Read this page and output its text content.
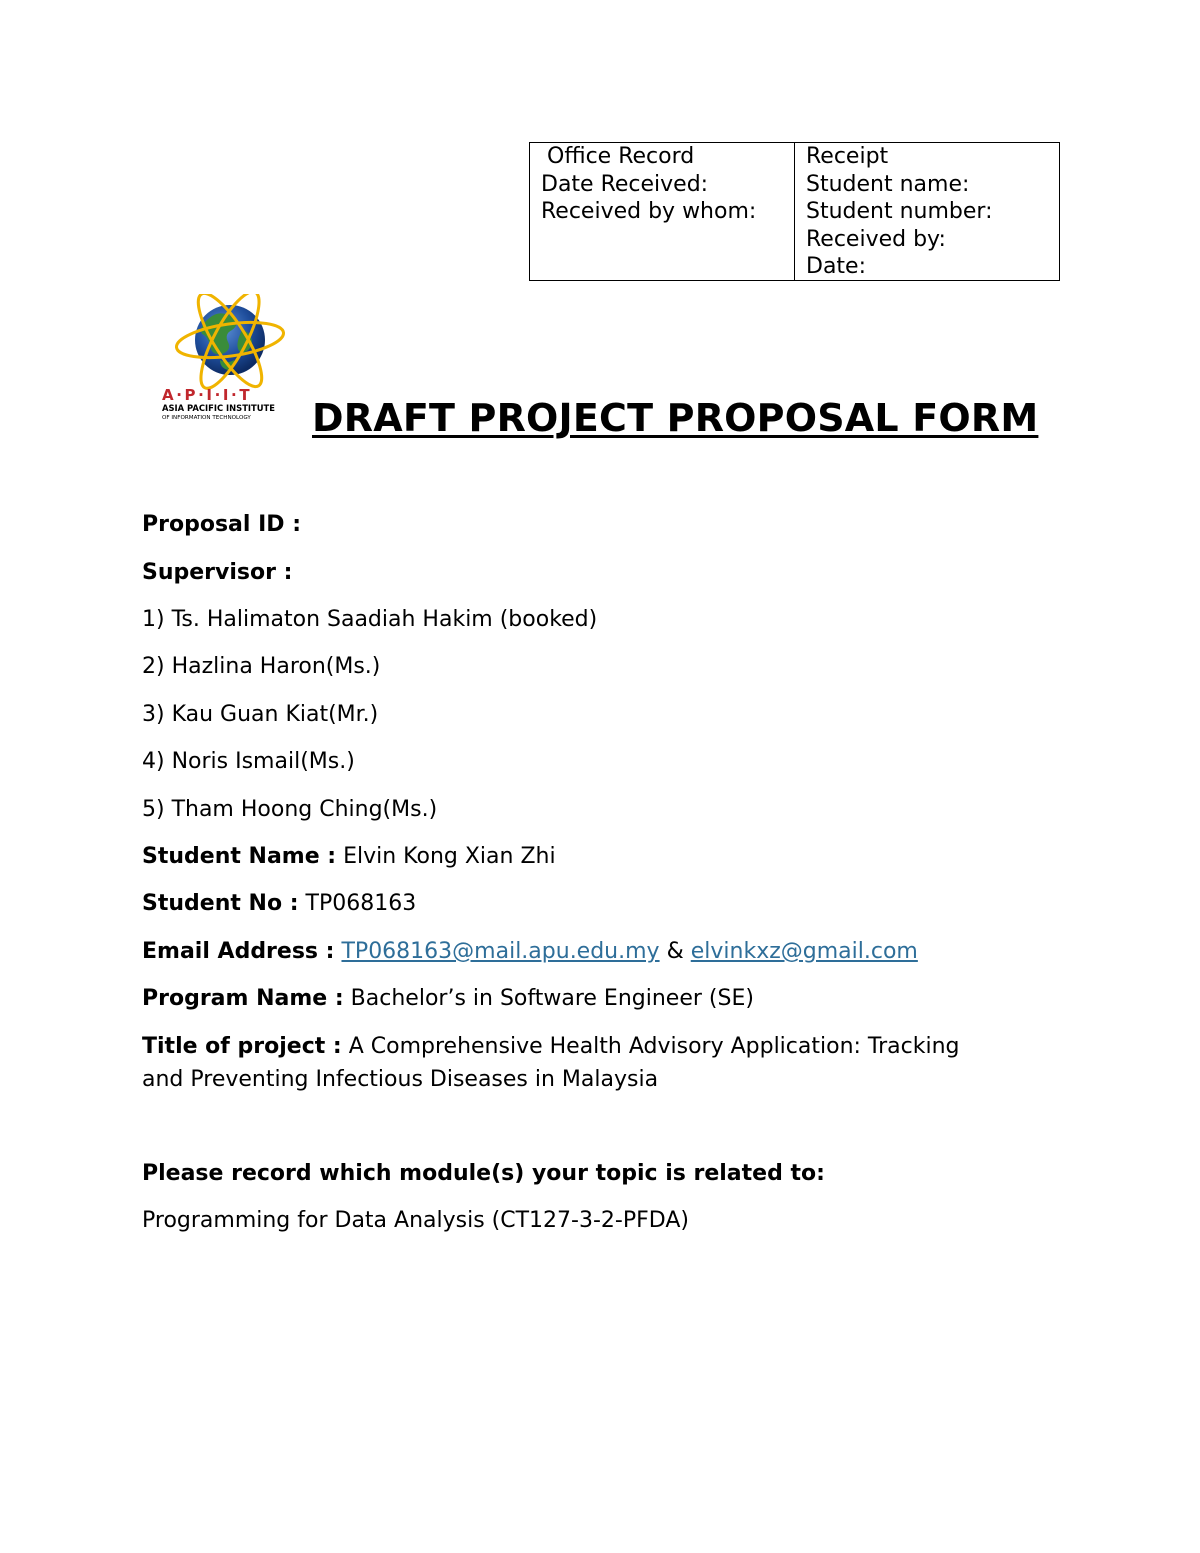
Office Record
Date Received:
Received by whom:
Receipt
Student name:
Student number:
Received by:
Date:
A·P·I·I·T
ASIA PACIFIC INSTITUTE
OF INFORMATION TECHNOLOGY DRAFT PROJECT PROPOSAL FORM
Proposal ID :
Supervisor :
1) Ts. Halimaton Saadiah Hakim (booked)
2) Hazlina Haron(Ms.)
3) Kau Guan Kiat(Mr.)
4) Noris Ismail(Ms.)
5) Tham Hoong Ching(Ms.)
Student Name : Elvin Kong Xian Zhi
Student No : TP068163
Email Address : TP068163@mail.apu.edu.my & elvinkxz@gmail.com
Program Name : Bachelor’s in Software Engineer (SE)
Title of project : A Comprehensive Health Advisory Application: Tracking
and Preventing Infectious Diseases in Malaysia
Please record which module(s) your topic is related to:
Programming for Data Analysis (CT127-3-2-PFDA)
